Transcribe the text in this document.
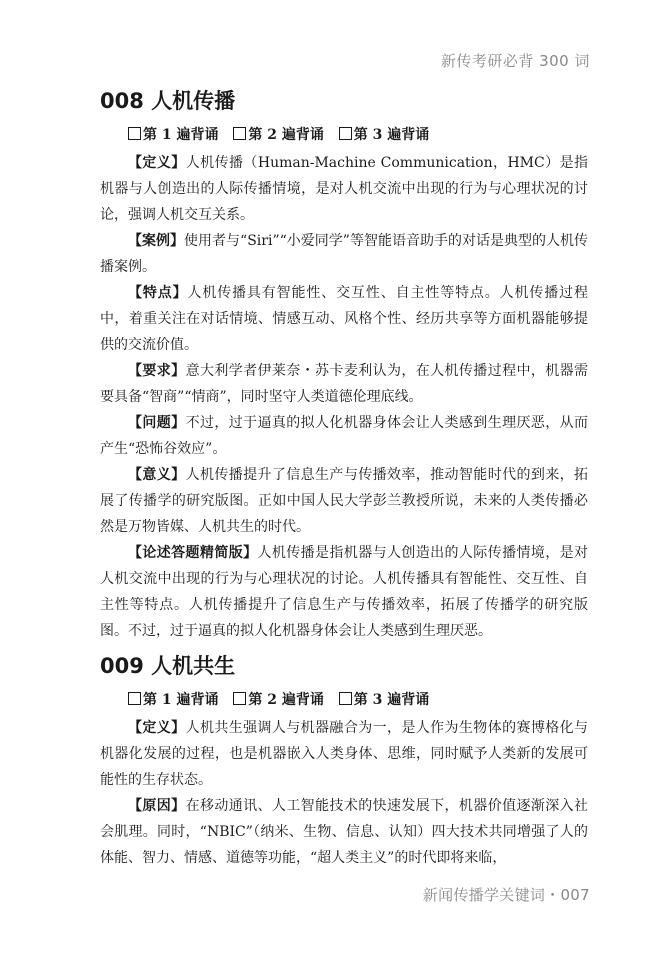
新传考研必背 300 词
008 人机传播
第 1 遍背诵 第 2 遍背诵 第 3 遍背诵

【定义】人机传播（Human-Machine Communication，HMC）是指机器与人创造出的人际传播情境，是对人机交流中出现的行为与心理状况的讨论，强调人机交互关系。

【案例】使用者与“Siri”“小爱同学”等智能语音助手的对话是典型的人机传播案例。

【特点】人机传播具有智能性、交互性、自主性等特点。人机传播过程中，着重关注在对话情境、情感互动、风格个性、经历共享等方面机器能够提供的交流价值。

【要求】意大利学者伊莱奈・苏卡麦利认为，在人机传播过程中，机器需要具备“智商”“情商”，同时坚守人类道德伦理底线。

【问题】不过，过于逼真的拟人化机器身体会让人类感到生理厌恶，从而产生“恐怖谷效应”。

【意义】人机传播提升了信息生产与传播效率，推动智能时代的到来，拓展了传播学的研究版图。正如中国人民大学彭兰教授所说，未来的人类传播必然是万物皆媒、人机共生的时代。

【论述答题精简版】人机传播是指机器与人创造出的人际传播情境，是对人机交流中出现的行为与心理状况的讨论。人机传播具有智能性、交互性、自主性等特点。人机传播提升了信息生产与传播效率，拓展了传播学的研究版图。不过，过于逼真的拟人化机器身体会让人类感到生理厌恶。

009 人机共生
第 1 遍背诵 第 2 遍背诵 第 3 遍背诵

【定义】人机共生强调人与机器融合为一，是人作为生物体的赛博格化与机器化发展的过程，也是机器嵌入人类身体、思维，同时赋予人类新的发展可能性的生存状态。

【原因】在移动通讯、人工智能技术的快速发展下，机器价值逐渐深入社会肌理。同时，“NBIC”（纳米、生物、信息、认知）四大技术共同增强了人的体能、智力、情感、道德等功能，“超人类主义”的时代即将来临，

新闻传播学关键词・007
